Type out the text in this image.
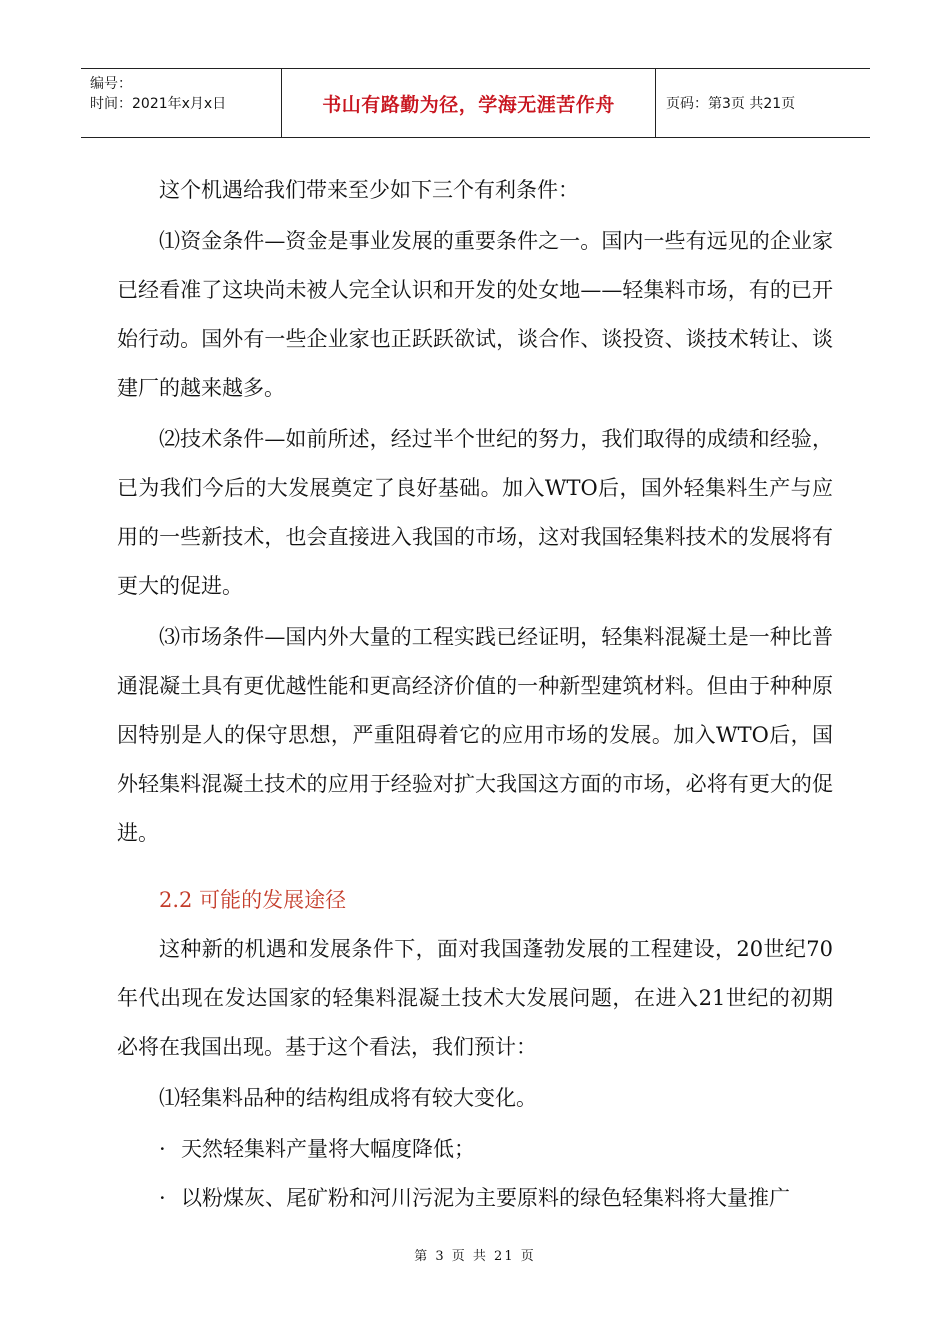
编号：
时间：2021年x月x日	书山有路勤为径，学海无涯苦作舟	页码：第3页 共21页

这个机遇给我们带来至少如下三个有利条件：

⑴资金条件—资金是事业发展的重要条件之一。国内一些有远见的企业家已经看准了这块尚未被人完全认识和开发的处女地——轻集料市场，有的已开始行动。国外有一些企业家也正跃跃欲试，谈合作、谈投资、谈技术转让、谈建厂的越来越多。

⑵技术条件—如前所述，经过半个世纪的努力，我们取得的成绩和经验，已为我们今后的大发展奠定了良好基础。加入WTO后，国外轻集料生产与应用的一些新技术，也会直接进入我国的市场，这对我国轻集料技术的发展将有更大的促进。

⑶市场条件—国内外大量的工程实践已经证明，轻集料混凝土是一种比普通混凝土具有更优越性能和更高经济价值的一种新型建筑材料。但由于种种原因特别是人的保守思想，严重阻碍着它的应用市场的发展。加入WTO后，国外轻集料混凝土技术的应用于经验对扩大我国这方面的市场，必将有更大的促进。

2.2 可能的发展途径

这种新的机遇和发展条件下，面对我国蓬勃发展的工程建设，20世纪70年代出现在发达国家的轻集料混凝土技术大发展问题，在进入21世纪的初期必将在我国出现。基于这个看法，我们预计：

⑴轻集料品种的结构组成将有较大变化。

· 天然轻集料产量将大幅度降低；
· 以粉煤灰、尾矿粉和河川污泥为主要原料的绿色轻集料将大量推广
第 3 页 共 21 页
